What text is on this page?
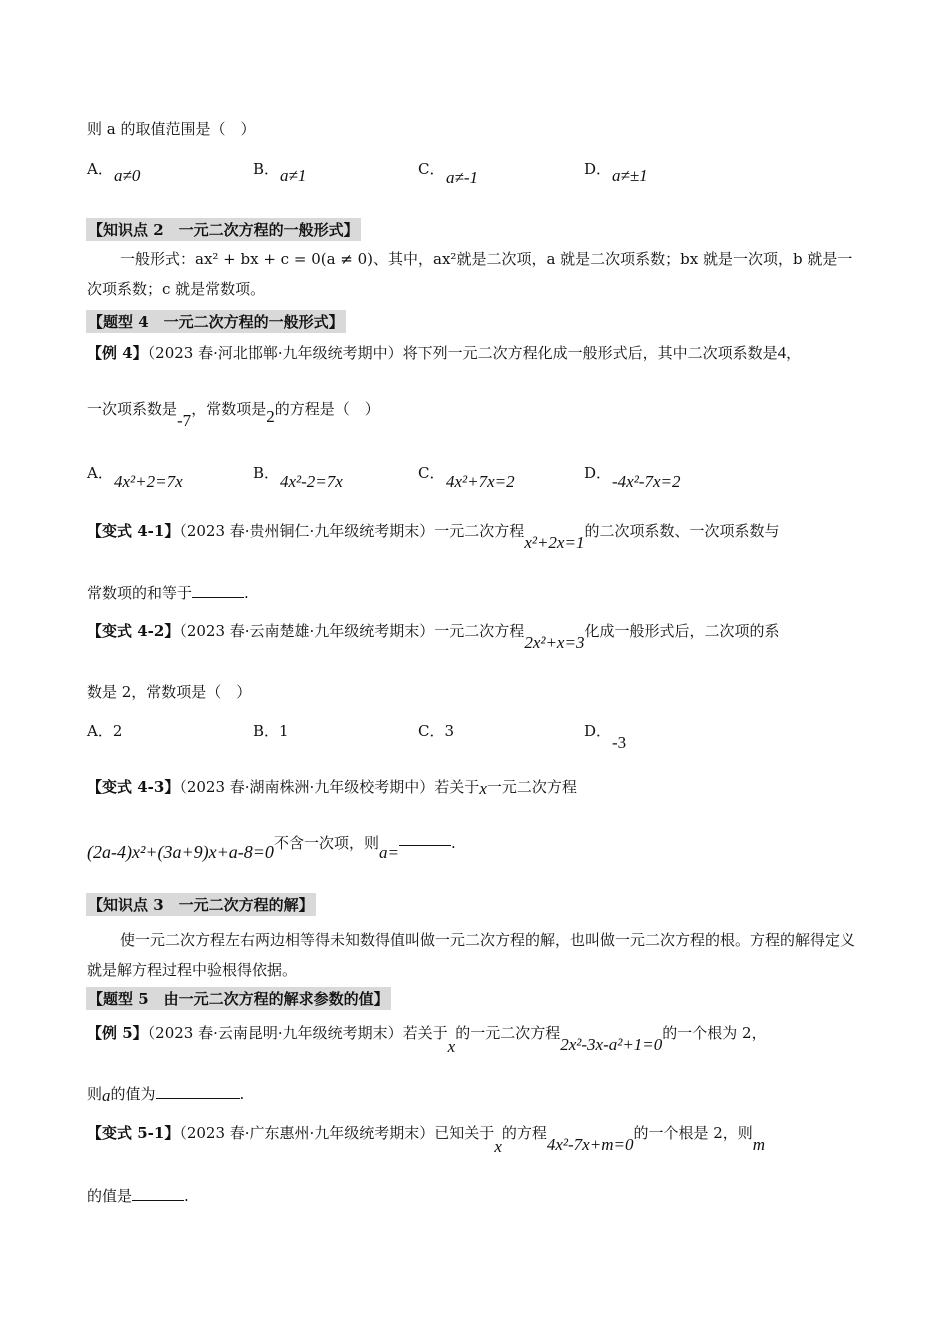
则 a 的取值范围是（　）
A． a≠0	B． a≠1	C． a≠-1	D． a≠±1
【知识点 2　一元二次方程的一般形式】
一般形式：ax² + bx + c = 0(a ≠ 0)、其中，ax²就是二次项，a 就是二次项系数；bx 就是一次项，b 就是一次项系数；c 就是常数项。
【题型 4　一元二次方程的一般形式】
【例 4】（2023 春·河北邯郸·九年级统考期中）将下列一元二次方程化成一般形式后，其中二次项系数是4，
一次项系数是-7，常数项是2的方程是（　）
A． 4x²+2=7x	B． 4x²-2=7x	C． 4x²+7x=2	D． -4x²-7x=2
【变式 4-1】（2023 春·贵州铜仁·九年级统考期末）一元二次方程x²+2x=1的二次项系数、一次项系数与
常数项的和等于	.
【变式 4-2】（2023 春·云南楚雄·九年级统考期末）一元二次方程2x²+x=3化成一般形式后，二次项的系
数是 2，常数项是（　）
A．2	B．1	C．3	D．
-3
【变式 4-3】（2023 春·湖南株洲·九年级校考期中）若关于x一元二次方程
(2a-4)x²+(3a+9)x+a-8=0不含一次项，则a=	.
【知识点 3　一元二次方程的解】
使一元二次方程左右两边相等得未知数得值叫做一元二次方程的解，也叫做一元二次方程的根。方程的解得定义就是解方程过程中验根得依据。
【题型 5　由一元二次方程的解求参数的值】
【例 5】（2023 春·云南昆明·九年级统考期末）若关于x的一元二次方程2x²-3x-a²+1=0的一个根为 2，
则a的值为	.
【变式 5-1】（2023 春·广东惠州·九年级统考期末）已知关于x的方程4x²-7x+m=0的一个根是 2，则m
的值是	.
